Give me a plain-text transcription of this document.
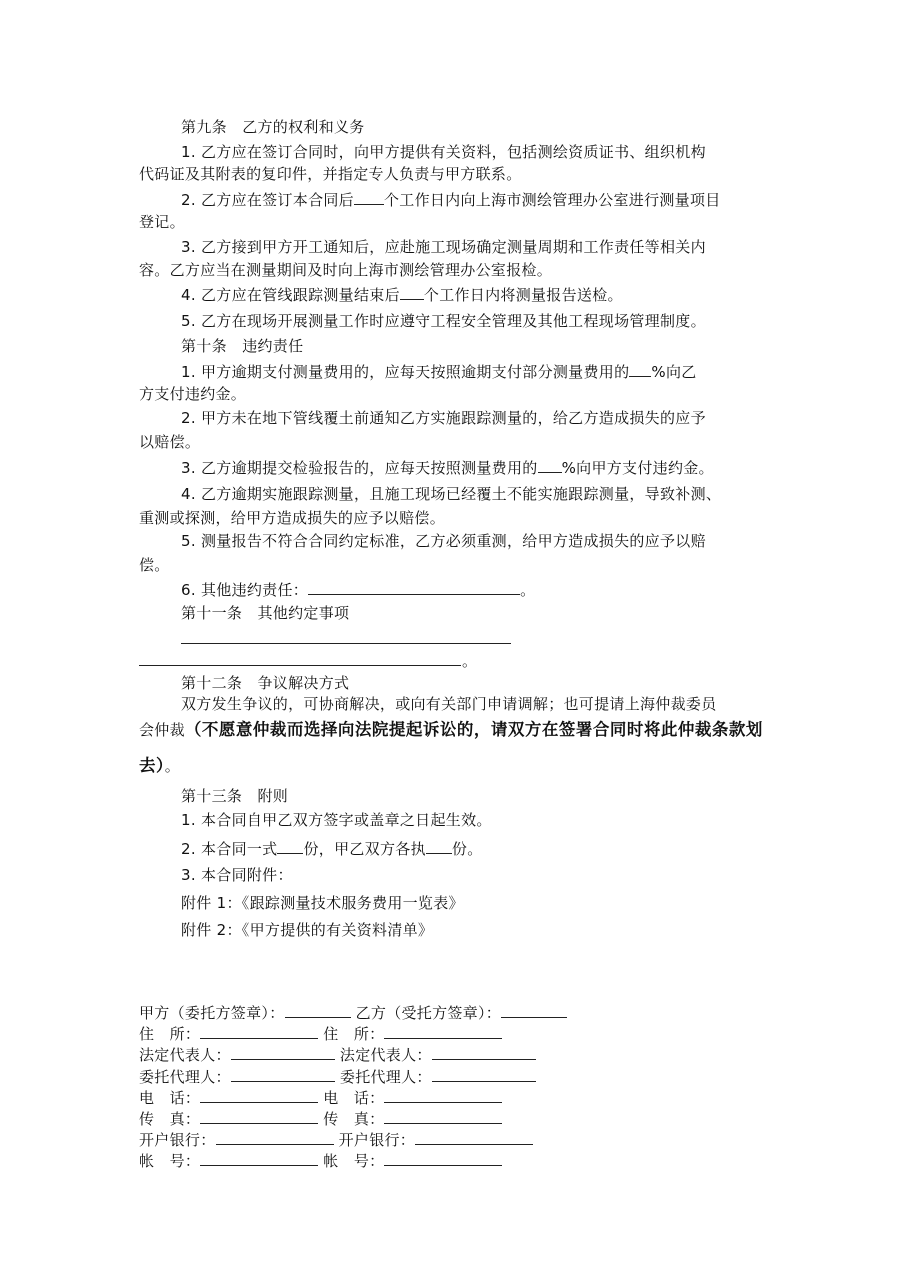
第九条　乙方的权利和义务
1. 乙方应在签订合同时，向甲方提供有关资料，包括测绘资质证书、组织机构
代码证及其附表的复印件，并指定专人负责与甲方联系。
2. 乙方应在签订本合同后 个工作日内向上海市测绘管理办公室进行测量项目
登记。
3. 乙方接到甲方开工通知后，应赴施工现场确定测量周期和工作责任等相关内
容。乙方应当在测量期间及时向上海市测绘管理办公室报检。
4. 乙方应在管线跟踪测量结束后 个工作日内将测量报告送检。
5. 乙方在现场开展测量工作时应遵守工程安全管理及其他工程现场管理制度。
第十条　违约责任
1. 甲方逾期支付测量费用的，应每天按照逾期支付部分测量费用的 %向乙
方支付违约金。
2. 甲方未在地下管线覆土前通知乙方实施跟踪测量的，给乙方造成损失的应予
以赔偿。
3. 乙方逾期提交检验报告的，应每天按照测量费用的 %向甲方支付违约金。
4. 乙方逾期实施跟踪测量，且施工现场已经覆土不能实施跟踪测量，导致补测、
重测或探测，给甲方造成损失的应予以赔偿。
5. 测量报告不符合合同约定标准，乙方必须重测，给甲方造成损失的应予以赔
偿。
6. 其他违约责任：	。
第十一条　其他约定事项
。
第十二条　争议解决方式
双方发生争议的，可协商解决，或向有关部门申请调解；也可提请上海仲裁委员
会仲裁（不愿意仲裁而选择向法院提起诉讼的，请双方在签署合同时将此仲裁条款划
去）。
第十三条　附则
1. 本合同自甲乙双方签字或盖章之日起生效。
2. 本合同一式 份，甲乙双方各执 份。
3. 本合同附件：
附件 1：《跟踪测量技术服务费用一览表》
附件 2：《甲方提供的有关资料清单》
甲方（委托方签章）：	乙方（受托方签章）：
住　所：	住　所：
法定代表人：	法定代表人：
委托代理人：	委托代理人：
电　话：	电　话：
传　真：	传　真：
开户银行：	开户银行：
帐　号：	帐　号：
